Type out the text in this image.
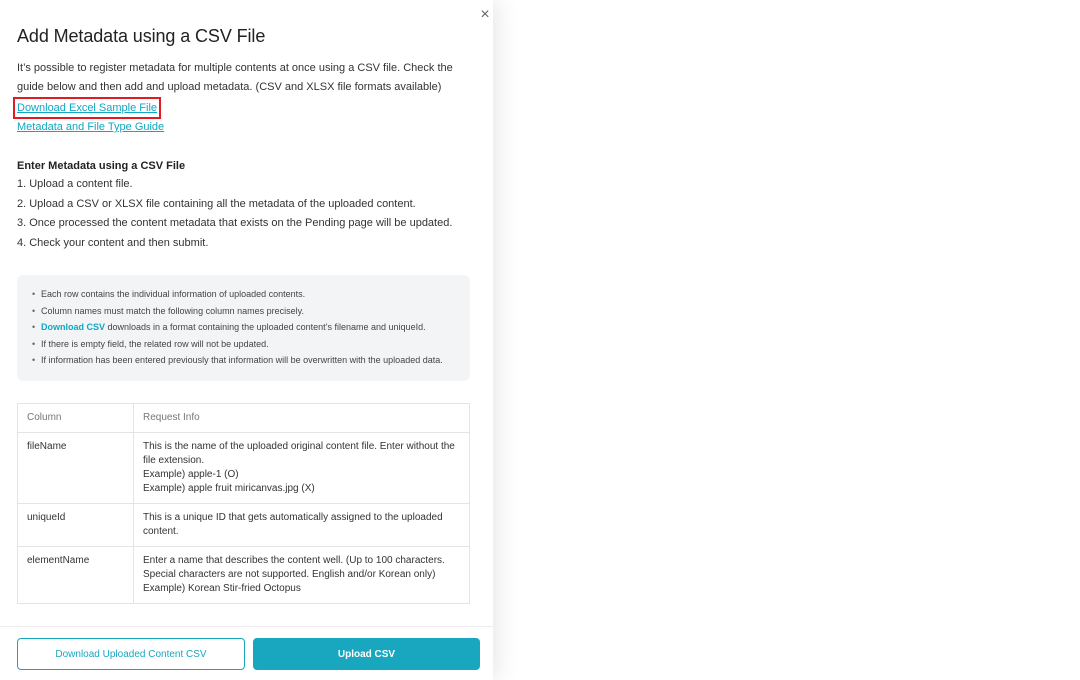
×
Add Metadata using a CSV File

It’s possible to register metadata for multiple contents at once using a CSV file. Check the guide below and then add and upload metadata. (CSV and XLSX file formats available)

Download Excel Sample File
Metadata and File Type Guide
Enter Metadata using a CSV File
1. Upload a content file.
2. Upload a CSV or XLSX file containing all the metadata of the uploaded content.
3. Once processed the content metadata that exists on the Pending page will be updated.
4. Check your content and then submit.
• Each row contains the individual information of uploaded contents.
• Column names must match the following column names precisely.
• Download CSV downloads in a format containing the uploaded content’s filename and uniqueId.
• If there is empty field, the related row will not be updated.
• If information has been entered previously that information will be overwritten with the uploaded data.
Column	Request Info
fileName	This is the name of the uploaded original content file. Enter without the file extension.
Example) apple-1 (O)
Example) apple fruit miricanvas.jpg (X)

uniqueId	This is a unique ID that gets automatically assigned to the uploaded content.

elementName	Enter a name that describes the content well. (Up to 100 characters. Special characters are not supported. English and/or Korean only)
Example) Korean Stir-fried Octopus
Download Uploaded Content CSV	Upload CSV
